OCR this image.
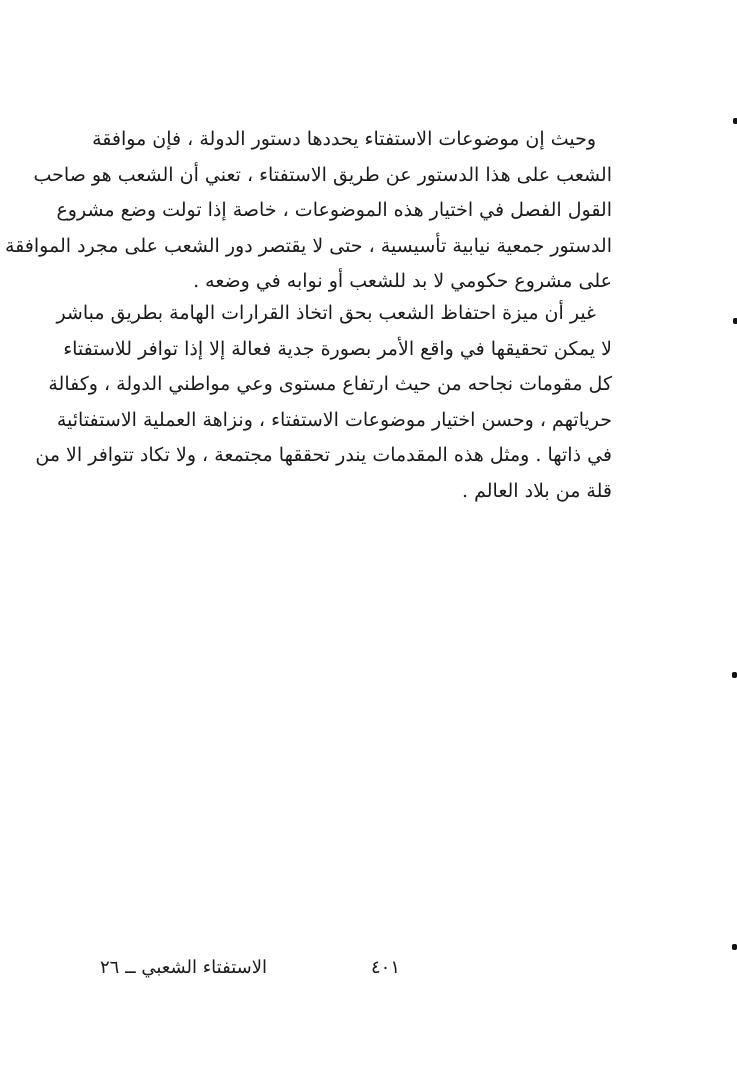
وحيث إن موضوعات الاستفتاء يحددها دستور الدولة ، فإن موافقة
الشعب على هذا الدستور عن طريق الاستفتاء ، تعني أن الشعب هو صاحب
القول الفصل في اختيار هذه الموضوعات ، خاصة إذا تولت وضع مشروع
الدستور جمعية نيابية تأسيسية ، حتى لا يقتصر دور الشعب على مجرد الموافقة
على مشروع حكومي لا بد للشعب أو نوابه في وضعه .
غير أن ميزة احتفاظ الشعب بحق اتخاذ القرارات الهامة بطريق مباشر
لا يمكن تحقيقها في واقع الأمر بصورة جدية فعالة إلا إذا توافر للاستفتاء
كل مقومات نجاحه من حيث ارتفاع مستوى وعي مواطني الدولة ، وكفالة
حرياتهم ، وحسن اختيار موضوعات الاستفتاء ، ونزاهة العملية الاستفتائية
في ذاتها . ومثل هذه المقدمات يندر تحققها مجتمعة ، ولا تكاد تتوافر الا من
قلة من بلاد العالم .
٤٠١
الاستفتاء الشعبي ــ ٢٦
